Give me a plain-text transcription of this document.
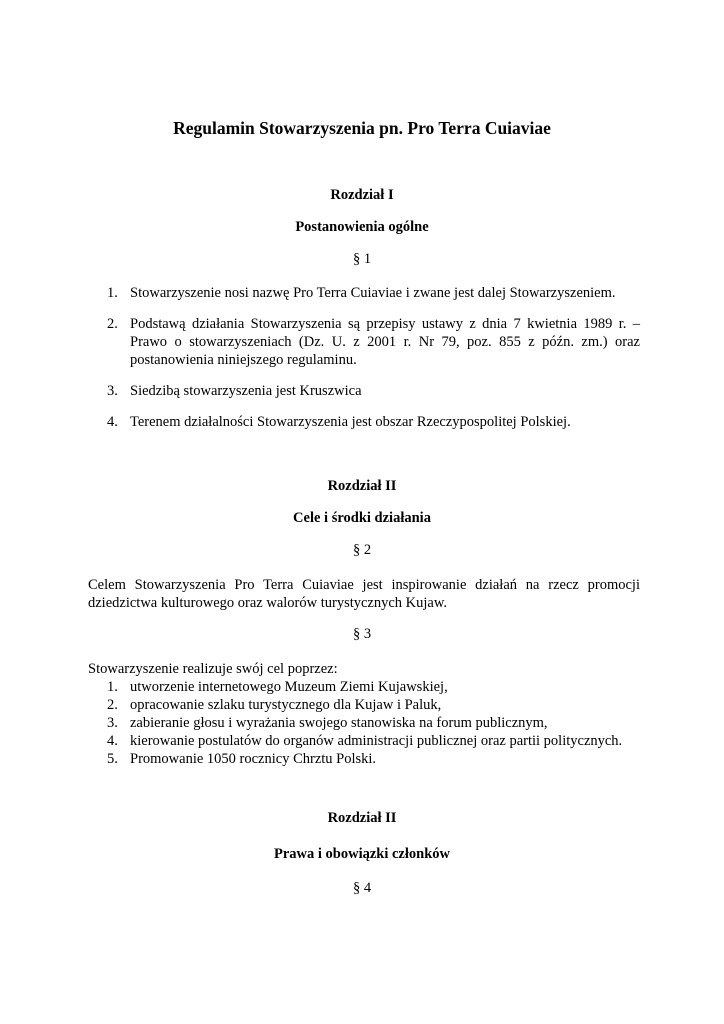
Regulamin Stowarzyszenia pn. Pro Terra Cuiaviae
Rozdział I
Postanowienia ogólne
§ 1
1. Stowarzyszenie nosi nazwę Pro Terra Cuiaviae i zwane jest dalej Stowarzyszeniem.
2. Podstawą działania Stowarzyszenia są przepisy ustawy z dnia 7 kwietnia 1989 r. – Prawo o stowarzyszeniach (Dz. U. z 2001 r. Nr 79, poz. 855 z późn. zm.) oraz postanowienia niniejszego regulaminu.
3. Siedzibą stowarzyszenia jest Kruszwica
4. Terenem działalności Stowarzyszenia jest obszar Rzeczypospolitej Polskiej.
Rozdział II
Cele i środki działania
§ 2

Celem Stowarzyszenia Pro Terra Cuiaviae jest inspirowanie działań na rzecz promocji dziedzictwa kulturowego oraz walorów turystycznych Kujaw.

§ 3

Stowarzyszenie realizuje swój cel poprzez:

1. utworzenie internetowego Muzeum Ziemi Kujawskiej,
2. opracowanie szlaku turystycznego dla Kujaw i Paluk,
3. zabieranie głosu i wyrażania swojego stanowiska na forum publicznym,
4. kierowanie postulatów do organów administracji publicznej oraz partii politycznych.
5. Promowanie 1050 rocznicy Chrztu Polski.
Rozdział II
Prawa i obowiązki członków
§ 4
